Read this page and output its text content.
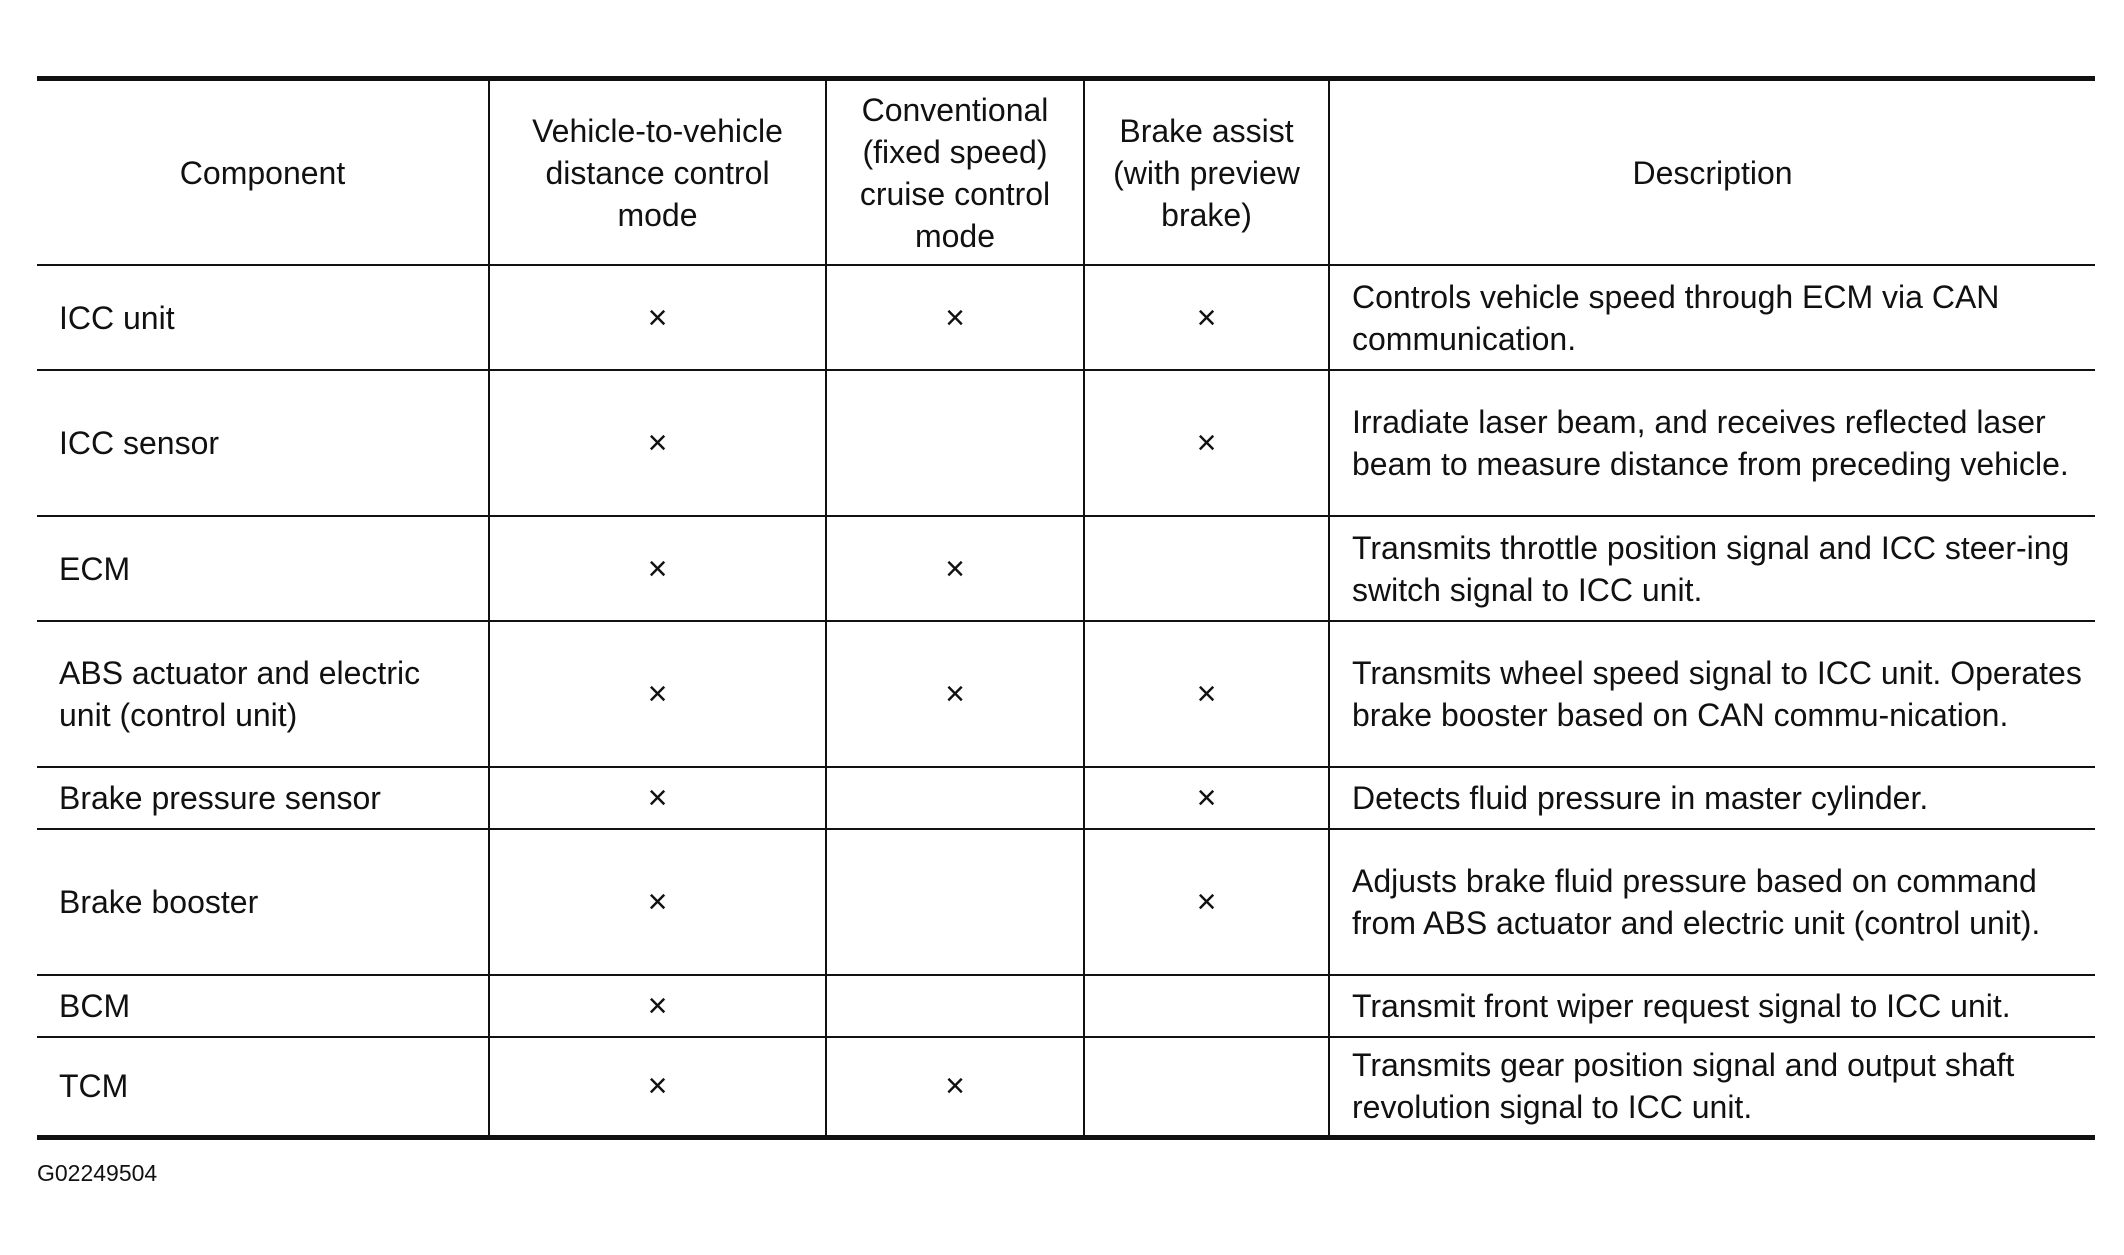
Component	Vehicle-to-vehicle distance control mode	Conventional (fixed speed) cruise control mode	Brake assist (with preview brake)	Description
ICC unit	×	×	×	Controls vehicle speed through ECM via CAN communication.
ICC sensor	×		×	Irradiate laser beam, and receives reflected laser beam to measure distance from preceding vehicle.
ECM	×	×		Transmits throttle position signal and ICC steer-ing switch signal to ICC unit.
ABS actuator and electric unit (control unit)	×	×	×	Transmits wheel speed signal to ICC unit. Operates brake booster based on CAN commu-nication.
Brake pressure sensor	×		×	Detects fluid pressure in master cylinder.
Brake booster	×		×	Adjusts brake fluid pressure based on command from ABS actuator and electric unit (control unit).
BCM	×			Transmit front wiper request signal to ICC unit.
TCM	×	×		Transmits gear position signal and output shaft revolution signal to ICC unit.
G02249504
